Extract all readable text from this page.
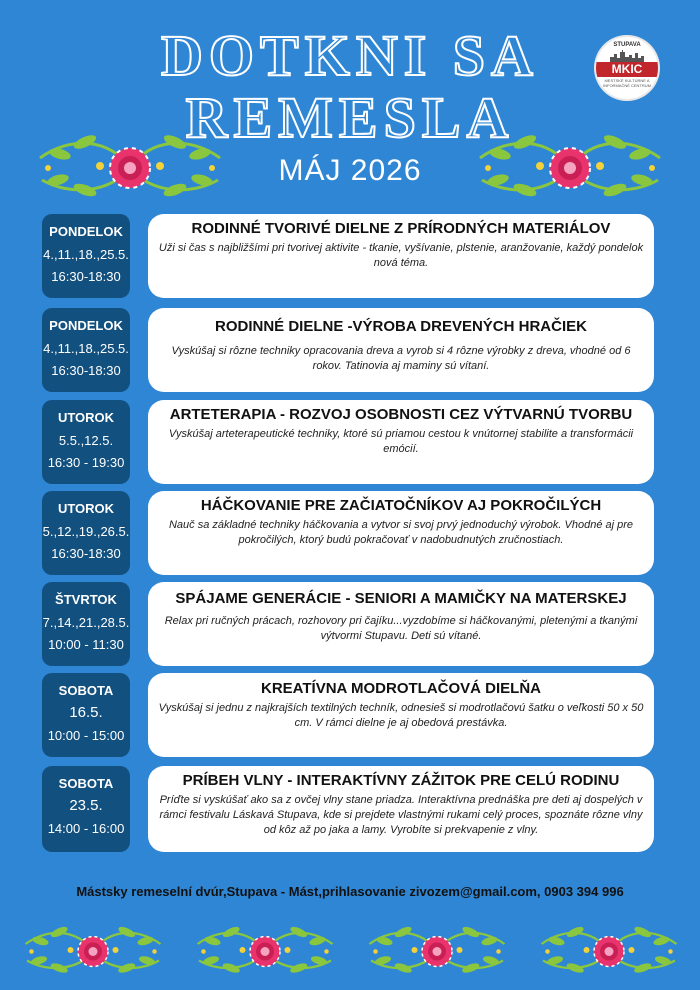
DOTKNI SA
REMESLA
MÁJ 2026
STUPAVA
MKIC
MESTSKÉ KULTÚRNE A INFORMAČNÉ CENTRUM
PONDELOK
4.,11.,18.,25.5.
16:30-18:30
RODINNÉ TVORIVÉ DIELNE Z PRÍRODNÝCH MATERIÁLOV
Uži si čas s najbližšími pri tvorivej aktivite - tkanie, vyšívanie, plstenie, aranžovanie, každý pondelok nová téma.
PONDELOK
4.,11.,18.,25.5.
16:30-18:30
RODINNÉ DIELNE -VÝROBA DREVENÝCH HRAČIEK
Vyskúšaj si rôzne techniky opracovania dreva a vyrob si 4 rôzne výrobky z dreva, vhodné od 6 rokov. Tatinovia aj maminy sú vítaní.
UTOROK
5.5.,12.5.
16:30 - 19:30
ARTETERAPIA - ROZVOJ OSOBNOSTI CEZ VÝTVARNÚ TVORBU
Vyskúšaj arteterapeutické techniky, ktoré sú priamou cestou k vnútornej stabilite a transformácii emócií.
UTOROK
5.,12.,19.,26.5.
16:30-18:30
HÁČKOVANIE PRE ZAČIATOČNÍKOV AJ POKROČILÝCH
Nauč sa základné techniky háčkovania a vytvor si svoj prvý jednoduchý výrobok. Vhodné aj pre pokročilých, ktorý budú pokračovať v nadobudnutých zručnostiach.
ŠTVRTOK
7.,14.,21.,28.5.
10:00 - 11:30
SPÁJAME GENERÁCIE - SENIORI A MAMIČKY NA MATERSKEJ
Relax pri ručných prácach, rozhovory pri čajíku...vyzdobíme si háčkovanými, pletenými a tkanými výtvormi Stupavu. Deti sú vítané.
SOBOTA
16.5.
10:00 - 15:00
KREATÍVNA MODROTLAČOVÁ DIELŇA
Vyskúšaj si jednu z najkrajších textilných techník, odnesieš si modrotlačovú šatku o veľkosti 50 x 50 cm. V rámci dielne je aj obedová prestávka.
SOBOTA
23.5.
14:00 - 16:00
PRÍBEH VLNY - INTERAKTÍVNY ZÁŽITOK PRE CELÚ RODINU
Príďte si vyskúšať ako sa z ovčej vlny stane priadza. Interaktívna prednáška pre deti aj dospelých v rámci festivalu Láskavá Stupava, kde si prejdete vlastnými rukami celý proces, spoznáte rôzne vlny od kôz až po jaka a lamy. Vyrobíte si prekvapenie z vlny.
Mástsky remeselní dvúr,Stupava - Mást,prihlasovanie zivozem@gmail.com, 0903 394 996
